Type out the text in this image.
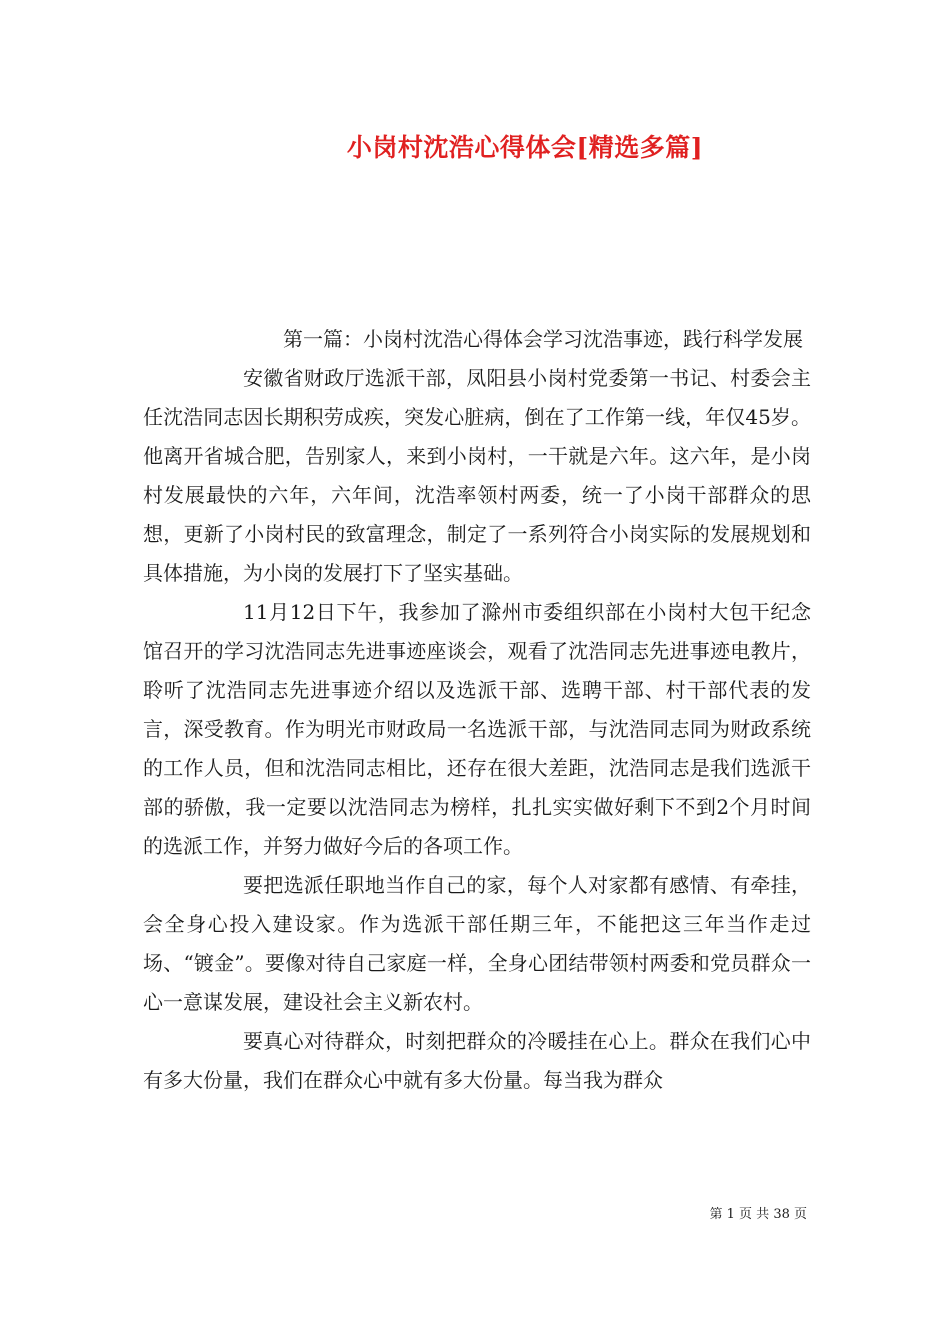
小岗村沈浩心得体会[精选多篇]

第一篇：小岗村沈浩心得体会学习沈浩事迹，践行科学发展

安徽省财政厅选派干部，凤阳县小岗村党委第一书记、村委会主任沈浩同志因长期积劳成疾，突发心脏病，倒在了工作第一线，年仅45岁。他离开省城合肥，告别家人，来到小岗村，一干就是六年。这六年，是小岗村发展最快的六年，六年间，沈浩率领村两委，统一了小岗干部群众的思想，更新了小岗村民的致富理念，制定了一系列符合小岗实际的发展规划和具体措施，为小岗的发展打下了坚实基础。

11月12日下午，我参加了滁州市委组织部在小岗村大包干纪念馆召开的学习沈浩同志先进事迹座谈会，观看了沈浩同志先进事迹电教片，聆听了沈浩同志先进事迹介绍以及选派干部、选聘干部、村干部代表的发言，深受教育。作为明光市财政局一名选派干部，与沈浩同志同为财政系统的工作人员，但和沈浩同志相比，还存在很大差距，沈浩同志是我们选派干部的骄傲，我一定要以沈浩同志为榜样，扎扎实实做好剩下不到2个月时间的选派工作，并努力做好今后的各项工作。

要把选派任职地当作自己的家，每个人对家都有感情、有牵挂，会全身心投入建设家。作为选派干部任期三年，不能把这三年当作走过场、“镀金”。要像对待自己家庭一样，全身心团结带领村两委和党员群众一心一意谋发展，建设社会主义新农村。

要真心对待群众，时刻把群众的冷暖挂在心上。群众在我们心中有多大份量，我们在群众心中就有多大份量。每当我为群众

第 1 页 共 38 页
